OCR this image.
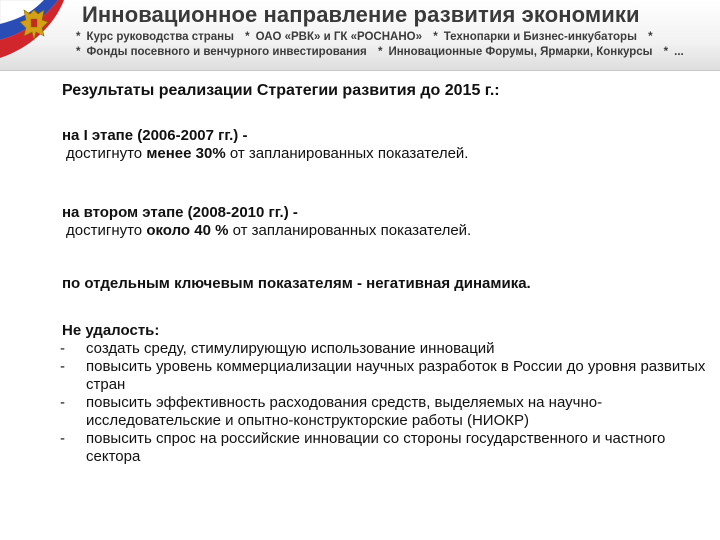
Инновационное направление развития экономики
* Курс руководства страны * ОАО «РВК» и ГК «РОСНАНО» * Технопарки и Бизнес-инкубаторы *
* Фонды посевного и венчурного инвестирования * Инновационные Форумы, Ярмарки, Конкурсы * ...

Результаты реализации Стратегии развития до 2015 г.:

на I этапе (2006-2007 гг.) -

достигнуто менее 30% от запланированных показателей.

на втором этапе (2008-2010 гг.) -

достигнуто около 40 % от запланированных показателей.

по отдельным ключевым показателям - негативная динамика.

Не удалость:

-	создать среду, стимулирующую использование инноваций
-	повысить уровень коммерциализации научных разработок в России до уровня развитых стран
-	повысить эффективность расходования средств, выделяемых на научно-исследовательские и опытно-конструкторские работы (НИОКР)
-	повысить спрос на российские инновации со стороны государственного и частного сектора
